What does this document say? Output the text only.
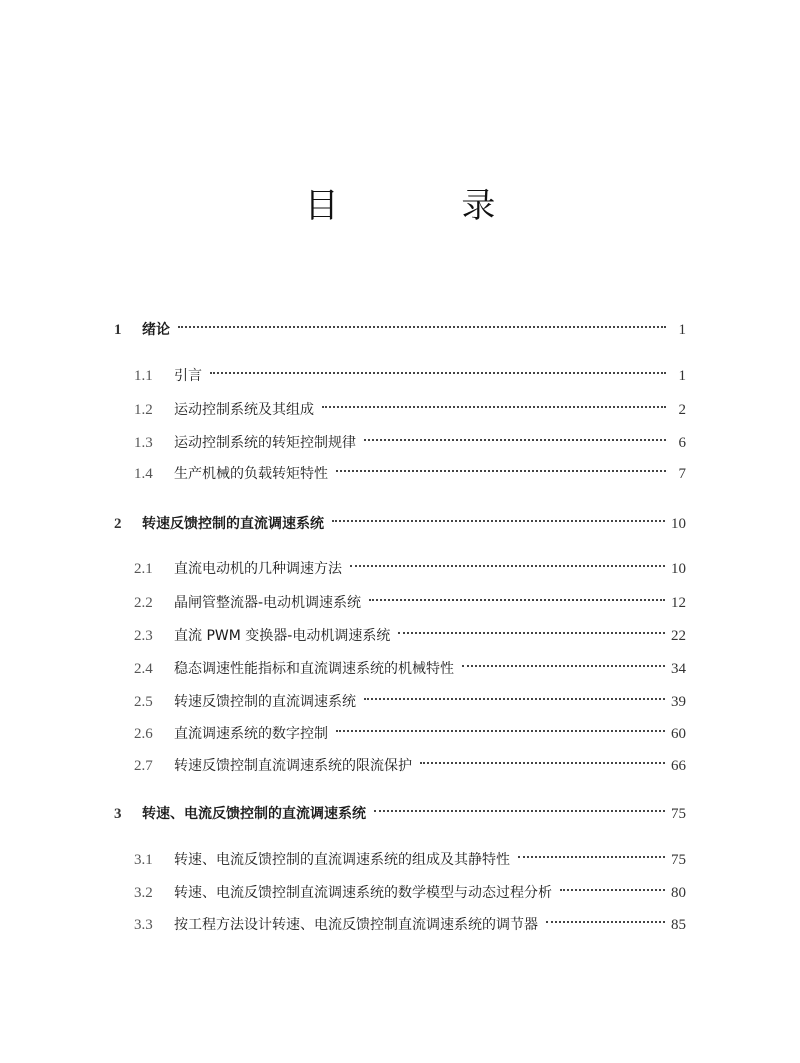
目 录
1	绪论	1
1.1	引言	1
1.2	运动控制系统及其组成	2
1.3	运动控制系统的转矩控制规律	6
1.4	生产机械的负载转矩特性	7
2	转速反馈控制的直流调速系统	10
2.1	直流电动机的几种调速方法	10
2.2	晶闸管整流器-电动机调速系统	12
2.3	直流 PWM 变换器-电动机调速系统	22
2.4	稳态调速性能指标和直流调速系统的机械特性	34
2.5	转速反馈控制的直流调速系统	39
2.6	直流调速系统的数字控制	60
2.7	转速反馈控制直流调速系统的限流保护	66
3	转速、电流反馈控制的直流调速系统	75
3.1	转速、电流反馈控制的直流调速系统的组成及其静特性	75
3.2	转速、电流反馈控制直流调速系统的数学模型与动态过程分析	80
3.3	按工程方法设计转速、电流反馈控制直流调速系统的调节器	85
